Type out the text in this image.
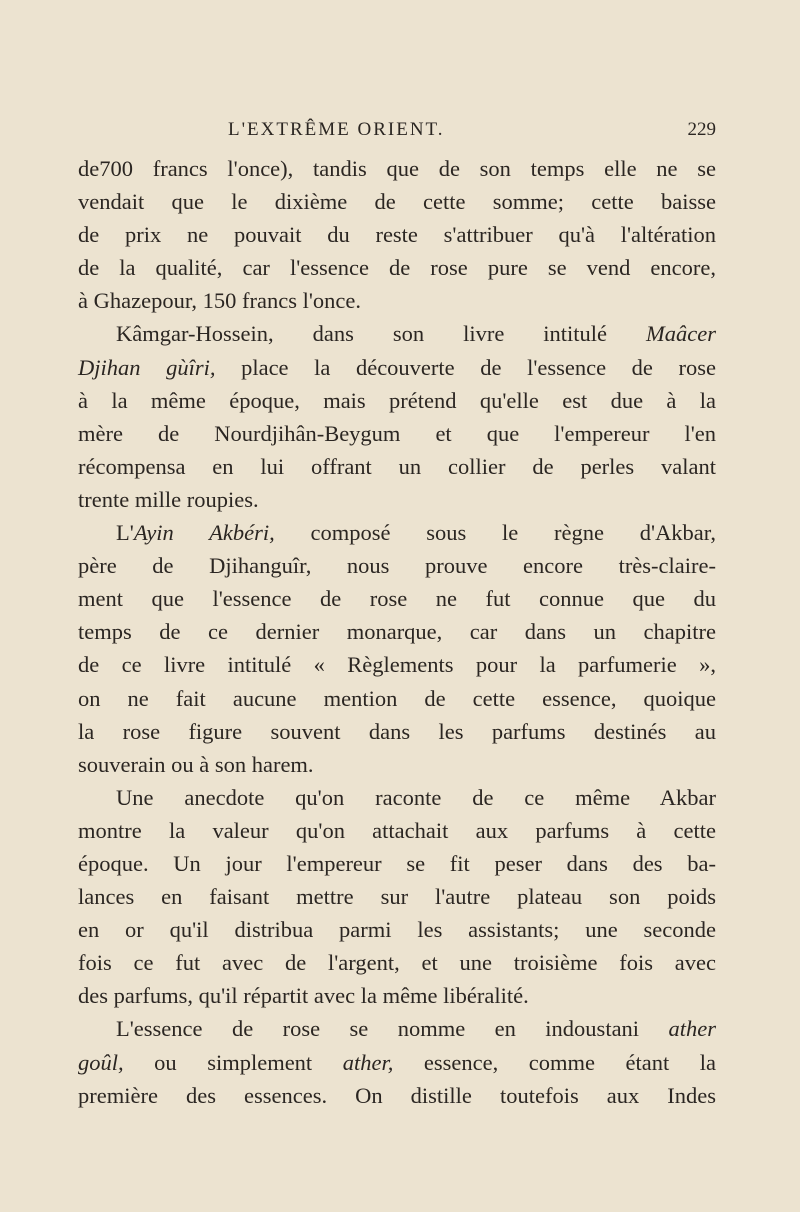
L'EXTRÊME ORIENT.	229
de700 francs l'once), tandis que de son temps elle ne se
vendait que le dixième de cette somme; cette baisse
de prix ne pouvait du reste s'attribuer qu'à l'altération
de la qualité, car l'essence de rose pure se vend encore,
à Ghazepour, 150 francs l'once.
Kâmgar-Hossein, dans son livre intitulé Maâcer
Djihan gùîri, place la découverte de l'essence de rose
à la même époque, mais prétend qu'elle est due à la
mère de Nourdjihân-Beygum et que l'empereur l'en
récompensa en lui offrant un collier de perles valant
trente mille roupies.
L'Ayin Akbéri, composé sous le règne d'Akbar,
père de Djihanguîr, nous prouve encore très-claire-
ment que l'essence de rose ne fut connue que du
temps de ce dernier monarque, car dans un chapitre
de ce livre intitulé « Règlements pour la parfumerie »,
on ne fait aucune mention de cette essence, quoique
la rose figure souvent dans les parfums destinés au
souverain ou à son harem.
Une anecdote qu'on raconte de ce même Akbar
montre la valeur qu'on attachait aux parfums à cette
époque. Un jour l'empereur se fit peser dans des ba-
lances en faisant mettre sur l'autre plateau son poids
en or qu'il distribua parmi les assistants; une seconde
fois ce fut avec de l'argent, et une troisième fois avec
des parfums, qu'il répartit avec la même libéralité.
L'essence de rose se nomme en indoustani ather
goûl, ou simplement ather, essence, comme étant la
première des essences. On distille toutefois aux Indes
